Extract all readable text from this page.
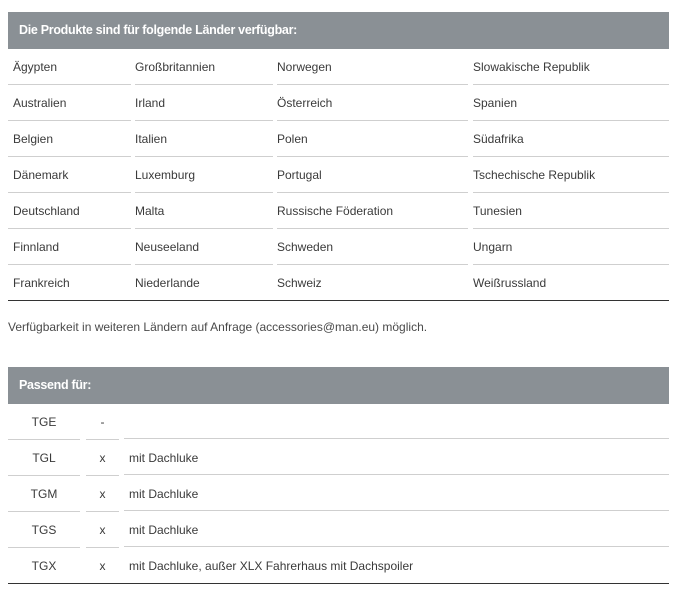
Die Produkte sind für folgende Länder verfügbar:
Ägypten	Großbritannien	Norwegen	Slowakische Republik
Australien	Irland	Österreich	Spanien
Belgien	Italien	Polen	Südafrika
Dänemark	Luxemburg	Portugal	Tschechische Republik
Deutschland	Malta	Russische Föderation	Tunesien
Finnland	Neuseeland	Schweden	Ungarn
Frankreich	Niederlande	Schweiz	Weißrussland
Verfügbarkeit in weiteren Ländern auf Anfrage (accessories@man.eu) möglich.
Passend für:
TGE	-
TGL	x	mit Dachluke
TGM	x	mit Dachluke
TGS	x	mit Dachluke
TGX	x	mit Dachluke, außer XLX Fahrerhaus mit Dachspoiler
